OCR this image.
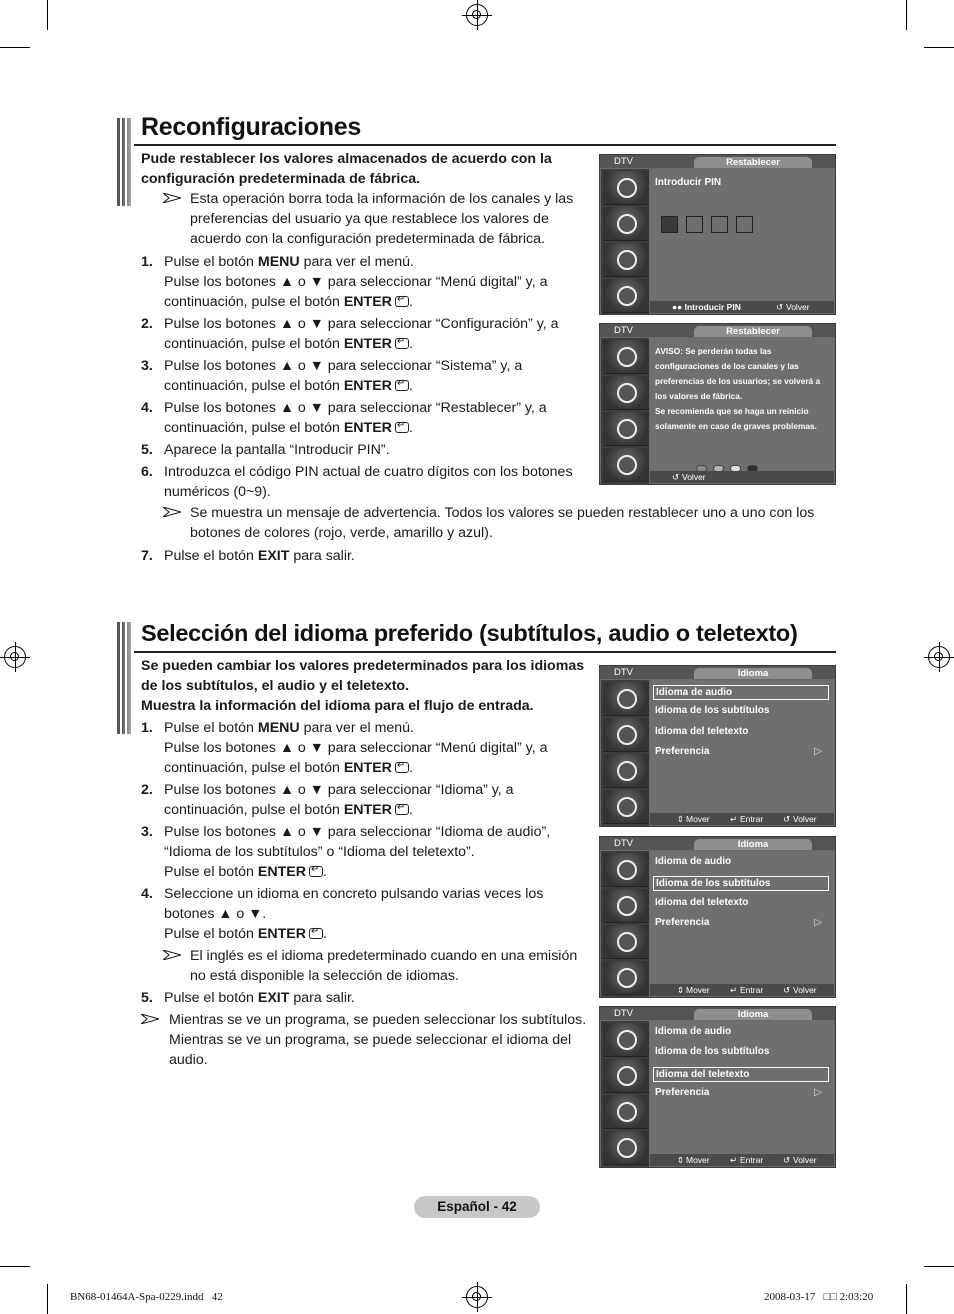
Reconfiguraciones
Pude restablecer los valores almacenados de acuerdo con la configuración predeterminada de fábrica.
Esta operación borra toda la información de los canales y las preferencias del usuario ya que restablece los valores de acuerdo con la configuración predeterminada de fábrica.
1. Pulse el botón MENU para ver el menú.
Pulse los botones ▲ o ▼ para seleccionar “Menú digital” y, a continuación, pulse el botón ENTER ↵ .
2. Pulse los botones ▲ o ▼ para seleccionar “Configuración” y, a continuación, pulse el botón ENTER ↵ .
3. Pulse los botones ▲ o ▼ para seleccionar “Sistema” y, a continuación, pulse el botón ENTER ↵ .
4. Pulse los botones ▲ o ▼ para seleccionar “Restablecer” y, a continuación, pulse el botón ENTER ↵ .
5. Aparece la pantalla “Introducir PIN”.
6. Introduzca el código PIN actual de cuatro dígitos con los botones numéricos (0~9).
Se muestra un mensaje de advertencia. Todos los valores se pueden restablecer uno a uno con los botones de colores (rojo, verde, amarillo y azul).
7. Pulse el botón EXIT para salir.
DTV	Restablecer
Introducir PIN
●● Introducir PIN	↺ Volver
DTV	Restablecer
AVISO: Se perderán todas las configuraciones de los canales y las preferencias de los usuarios; se volverá a los valores de fábrica.
Se recomienda que se haga un reinicio solamente en caso de graves problemas.
↺ Volver
Selección del idioma preferido (subtítulos, audio o teletexto)
Se pueden cambiar los valores predeterminados para los idiomas de los subtítulos, el audio y el teletexto.
Muestra la información del idioma para el flujo de entrada.
1. Pulse el botón MENU para ver el menú.
Pulse los botones ▲ o ▼ para seleccionar “Menú digital” y, a continuación, pulse el botón ENTER ↵ .
2. Pulse los botones ▲ o ▼ para seleccionar “Idioma” y, a continuación, pulse el botón ENTER ↵ .
3. Pulse los botones ▲ o ▼ para seleccionar “Idioma de audio”, “Idioma de los subtítulos” o “Idioma del teletexto”.
Pulse el botón ENTER ↵ .
4. Seleccione un idioma en concreto pulsando varias veces los botones ▲ o ▼.
Pulse el botón ENTER ↵ .
El inglés es el idioma predeterminado cuando en una emisión no está disponible la selección de idiomas.
5. Pulse el botón EXIT para salir.
Mientras se ve un programa, se pueden seleccionar los subtítulos. Mientras se ve un programa, se puede seleccionar el idioma del audio.
DTV	Idioma
Idioma de audio
Idioma de los subtítulos
Idioma del teletexto
Preferencia	▷
⇕ Mover ↵ Entrar ↺ Volver
DTV	Idioma
Idioma de audio
Idioma de los subtítulos
Idioma del teletexto
Preferencia	▷
⇕ Mover ↵ Entrar ↺ Volver
DTV	Idioma
Idioma de audio
Idioma de los subtítulos
Idioma del teletexto
Preferencia	▷
⇕ Mover ↵ Entrar ↺ Volver
Español - 42
BN68-01464A-Spa-0229.indd   42	2008-03-17   □□ 2:03:20
